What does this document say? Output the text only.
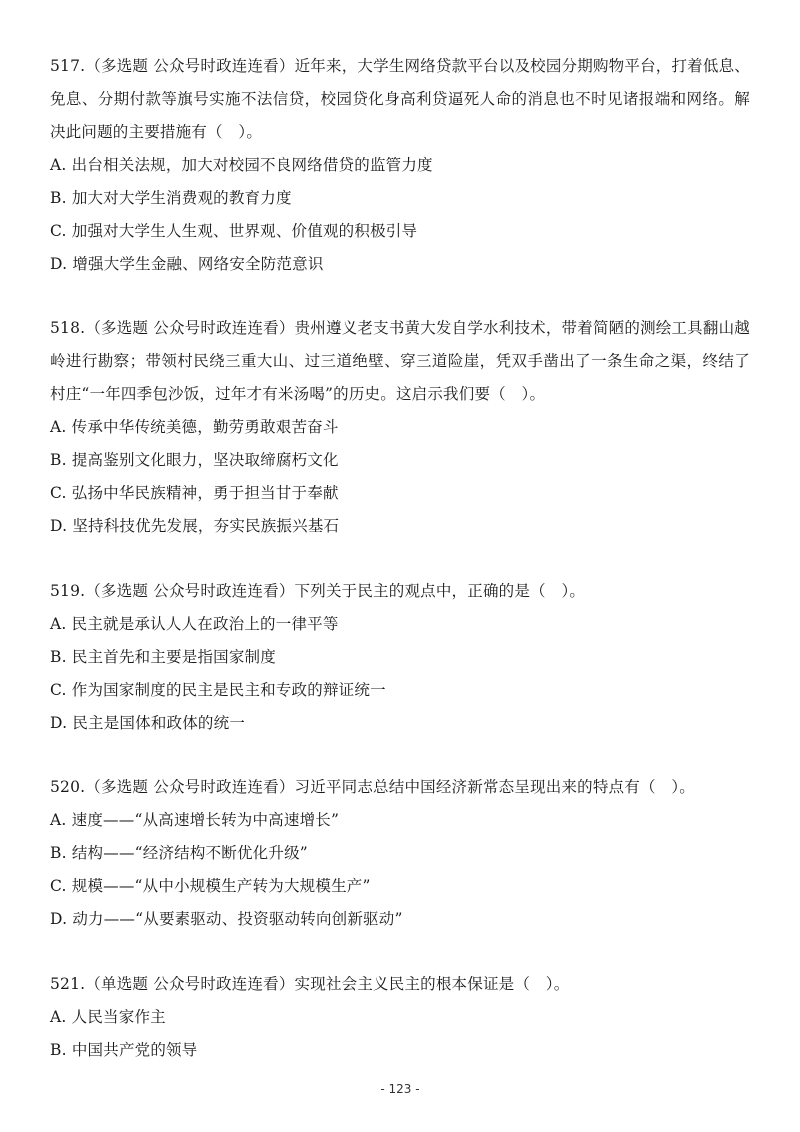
517.（多选题 公众号时政连连看）近年来，大学生网络贷款平台以及校园分期购物平台，打着低息、免息、分期付款等旗号实施不法信贷，校园贷化身高利贷逼死人命的消息也不时见诸报端和网络。解决此问题的主要措施有（　）。

A. 出台相关法规，加大对校园不良网络借贷的监管力度

B. 加大对大学生消费观的教育力度

C. 加强对大学生人生观、世界观、价值观的积极引导

D. 增强大学生金融、网络安全防范意识

518.（多选题 公众号时政连连看）贵州遵义老支书黄大发自学水利技术，带着简陋的测绘工具翻山越岭进行勘察；带领村民绕三重大山、过三道绝壁、穿三道险崖，凭双手凿出了一条生命之渠，终结了村庄“一年四季包沙饭，过年才有米汤喝”的历史。这启示我们要（　）。

A. 传承中华传统美德，勤劳勇敢艰苦奋斗

B. 提高鉴别文化眼力，坚决取缔腐朽文化

C. 弘扬中华民族精神，勇于担当甘于奉献

D. 坚持科技优先发展，夯实民族振兴基石

519.（多选题 公众号时政连连看）下列关于民主的观点中，正确的是（　）。

A. 民主就是承认人人在政治上的一律平等

B. 民主首先和主要是指国家制度

C. 作为国家制度的民主是民主和专政的辩证统一

D. 民主是国体和政体的统一

520.（多选题 公众号时政连连看）习近平同志总结中国经济新常态呈现出来的特点有（　）。

A. 速度——“从高速增长转为中高速增长”

B. 结构——“经济结构不断优化升级”

C. 规模——“从中小规模生产转为大规模生产”

D. 动力——“从要素驱动、投资驱动转向创新驱动”

521.（单选题 公众号时政连连看）实现社会主义民主的根本保证是（　）。

A. 人民当家作主

B. 中国共产党的领导

- 123 -
